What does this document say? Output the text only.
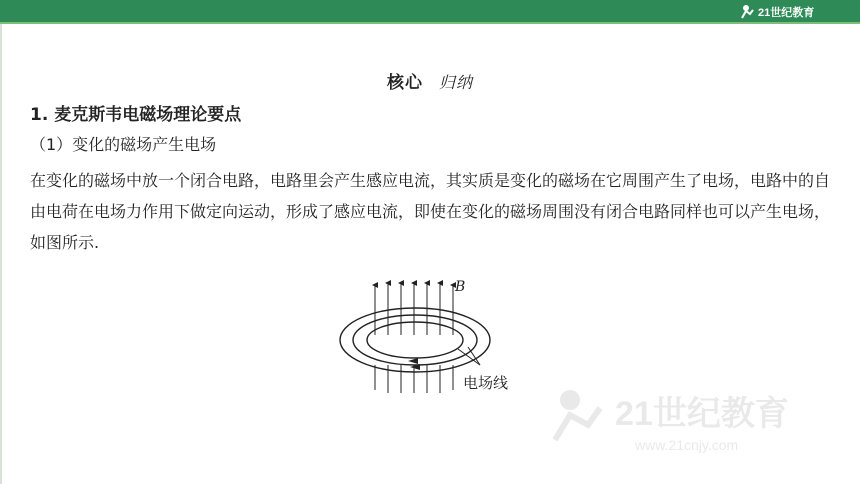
21世纪教育
核心 归纳
1. 麦克斯韦电磁场理论要点
（1）变化的磁场产生电场
在变化的磁场中放一个闭合电路，电路里会产生感应电流，其实质是变化的磁场在它周围产生了电场，电路中的自由电荷在电场力作用下做定向运动，形成了感应电流，即使在变化的磁场周围没有闭合电路同样也可以产生电场，如图所示.
B
电场线
21世纪教育
www.21cnjy.com
